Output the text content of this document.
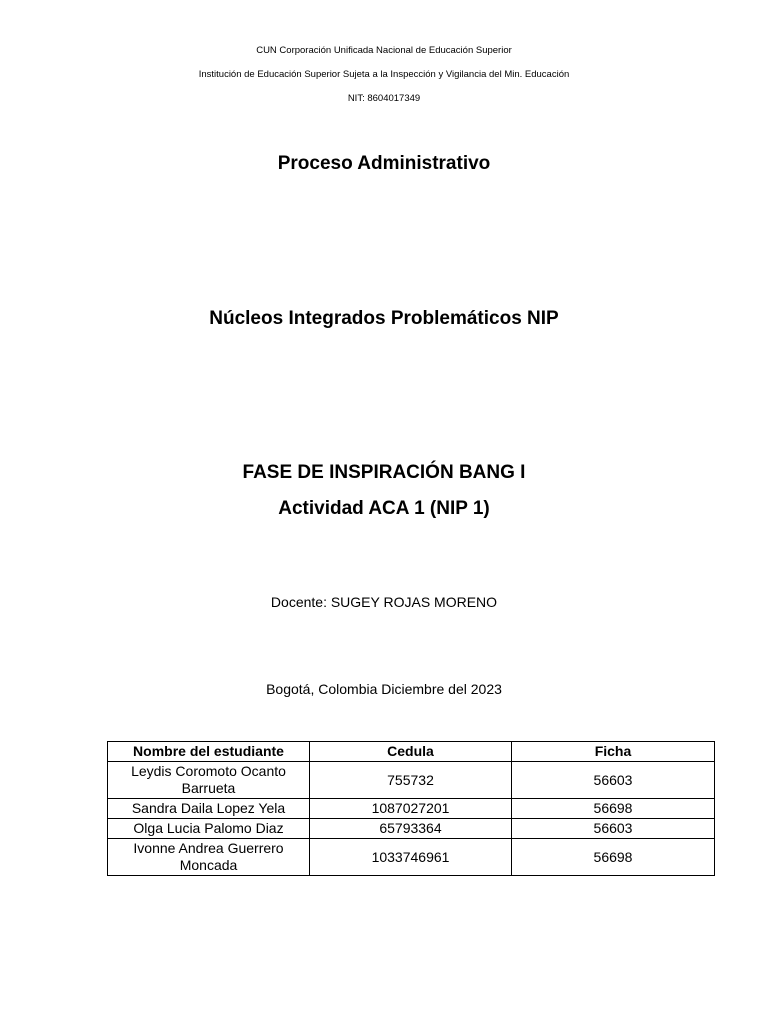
CUN Corporación Unificada Nacional de Educación Superior
Institución de Educación Superior Sujeta a la Inspección y Vigilancia del Min. Educación
NIT: 8604017349
Proceso Administrativo
Núcleos Integrados Problemáticos NIP
FASE DE INSPIRACIÓN BANG I
Actividad ACA 1 (NIP 1)
Docente: SUGEY ROJAS MORENO
Bogotá, Colombia Diciembre del 2023
Nombre del estudiante	Cedula	Ficha
Leydis Coromoto Ocanto Barrueta	755732	56603
Sandra Daila Lopez Yela	1087027201	56698
Olga Lucia Palomo Diaz	65793364	56603
Ivonne Andrea Guerrero Moncada	1033746961	56698
